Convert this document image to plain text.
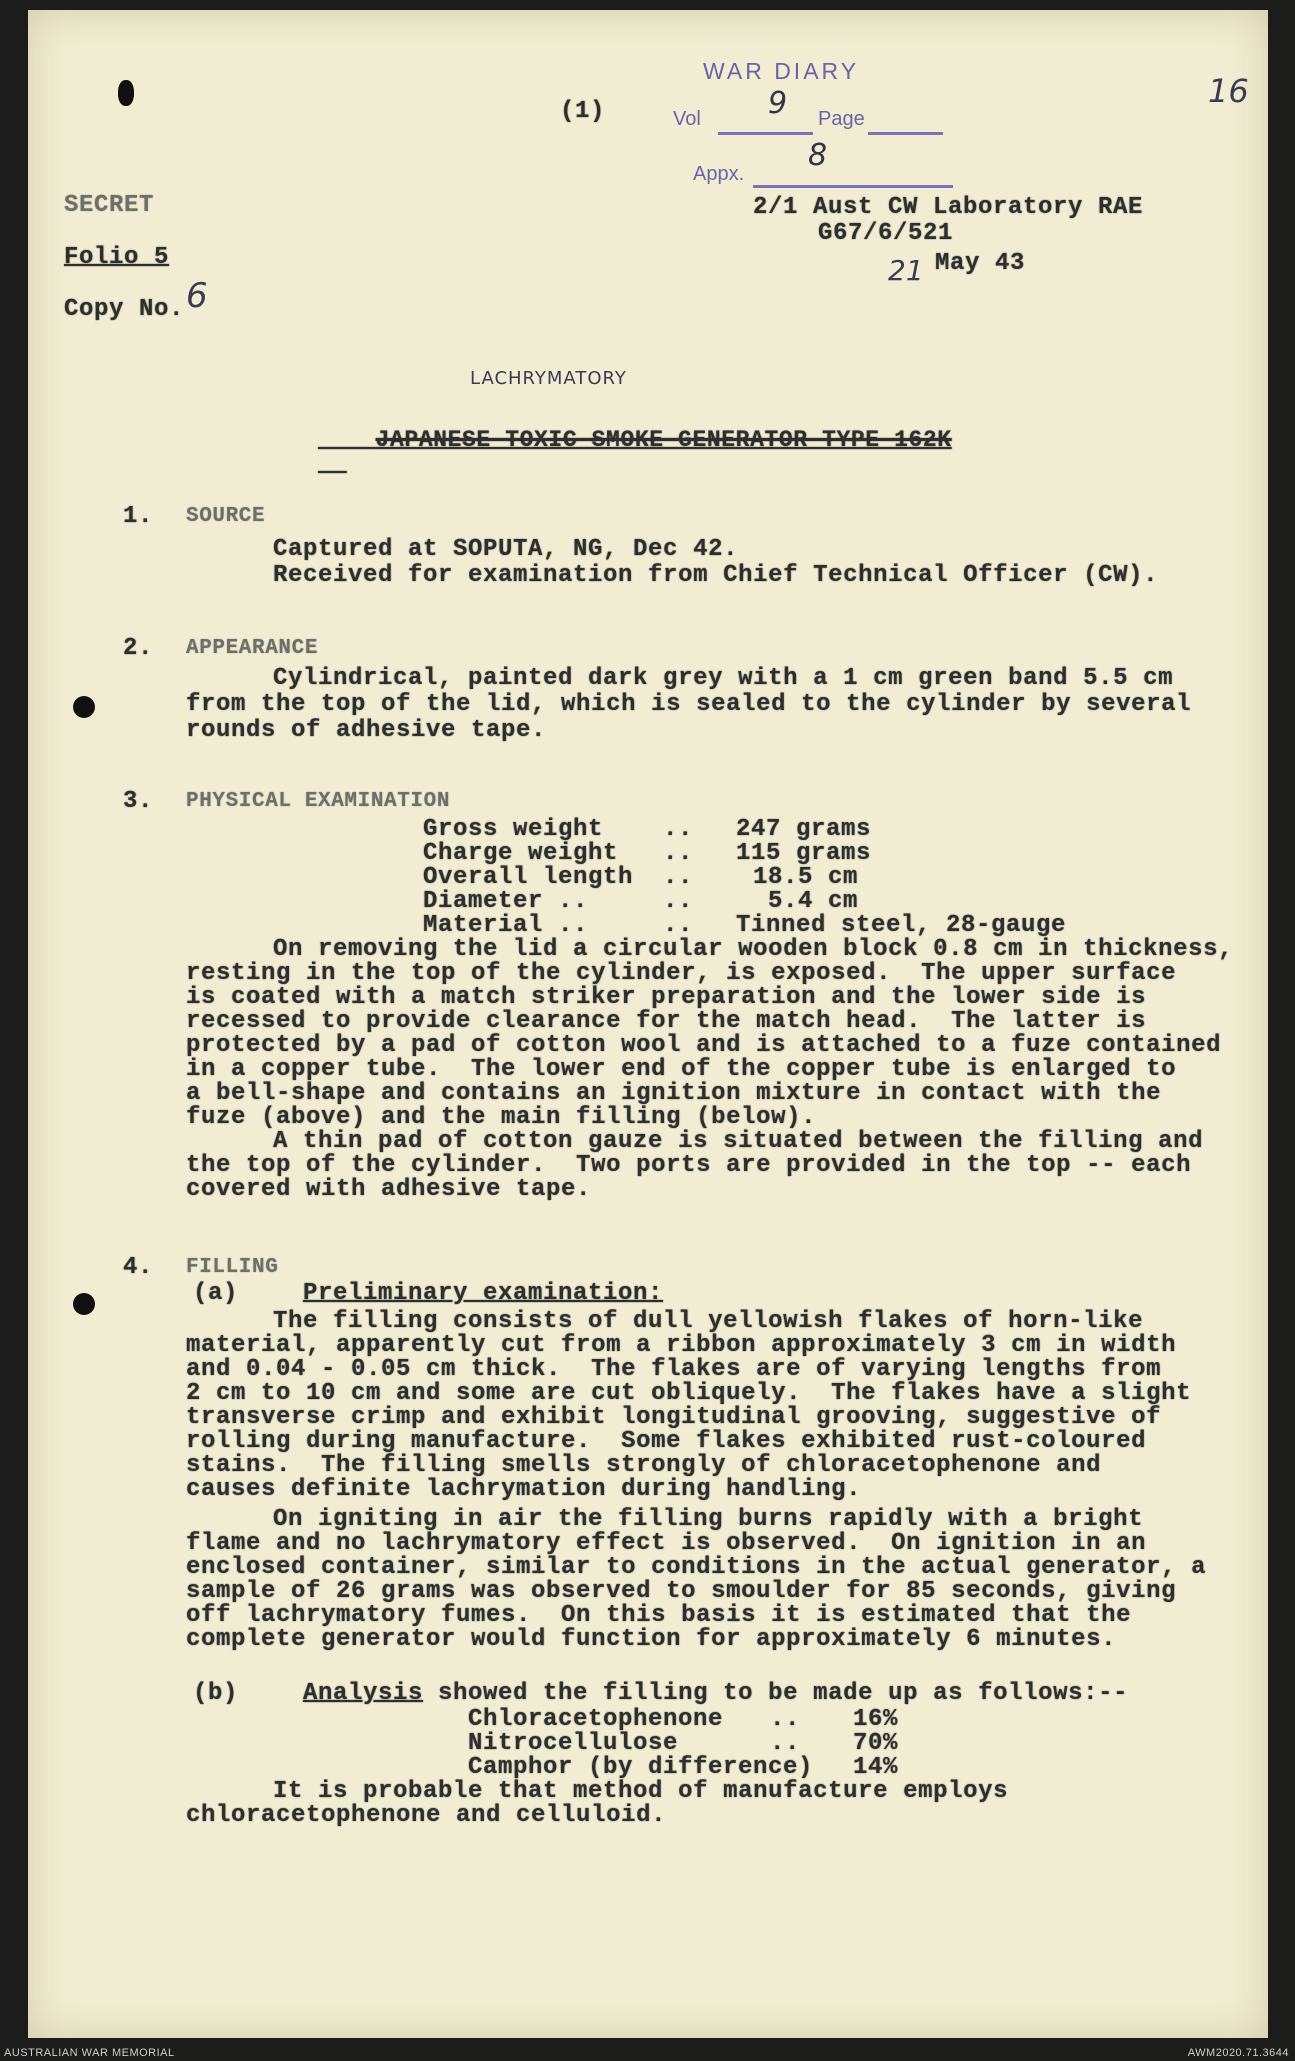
16
(1)
WAR DIARY
Vol 9 Page
Appx.
8
SECRET
Folio 5
Copy No. 6
2/1 Aust CW Laboratory RAE
G67/6/521
21 May 43
LACHRYMATORY

JAPANESE TOXIC SMOKE GENERATOR TYPE 162K

1. SOURCE
Captured at SOPUTA, NG, Dec 42.
Received for examination from Chief Technical Officer (CW).
2. APPEARANCE
Cylindrical, painted dark grey with a 1 cm green band 5.5 cm
from the top of the lid, which is sealed to the cylinder by several
rounds of adhesive tape.
3. PHYSICAL EXAMINATION
Gross weight .. 247 grams
Charge weight .. 115 grams
Overall length .. 18.5 cm
Diameter ..	..	5.4 cm
Material ..	.. Tinned steel, 28-gauge
On removing the lid a circular wooden block 0.8 cm in thickness,
resting in the top of the cylinder, is exposed.  The upper surface
is coated with a match striker preparation and the lower side is
recessed to provide clearance for the match head.  The latter is
protected by a pad of cotton wool and is attached to a fuze contained
in a copper tube.  The lower end of the copper tube is enlarged to
a bell-shape and contains an ignition mixture in contact with the
fuze (above) and the main filling (below).
A thin pad of cotton gauze is situated between the filling and
the top of the cylinder.  Two ports are provided in the top -- each
covered with adhesive tape.
4. FILLING
(a)	Preliminary examination:
The filling consists of dull yellowish flakes of horn-like
material, apparently cut from a ribbon approximately 3 cm in width
and 0.04 - 0.05 cm thick.  The flakes are of varying lengths from
2 cm to 10 cm and some are cut obliquely.  The flakes have a slight
transverse crimp and exhibit longitudinal grooving, suggestive of
rolling during manufacture.  Some flakes exhibited rust-coloured
stains.  The filling smells strongly of chloracetophenone and
causes definite lachrymation during handling.
On igniting in air the filling burns rapidly with a bright
flame and no lachrymatory effect is observed.  On ignition in an
enclosed container, similar to conditions in the actual generator, a
sample of 26 grams was observed to smoulder for 85 seconds, giving
off lachrymatory fumes.  On this basis it is estimated that the
complete generator would function for approximately 6 minutes.
(b)	Analysis showed the filling to be made up as follows:--
Chloracetophenone .. 16%
Nitrocellulose	.. 70%
Camphor (by difference) 14%
It is probable that method of manufacture employs
chloracetophenone and celluloid.
AUSTRALIAN WAR MEMORIAL	AWM2020.71.3644
